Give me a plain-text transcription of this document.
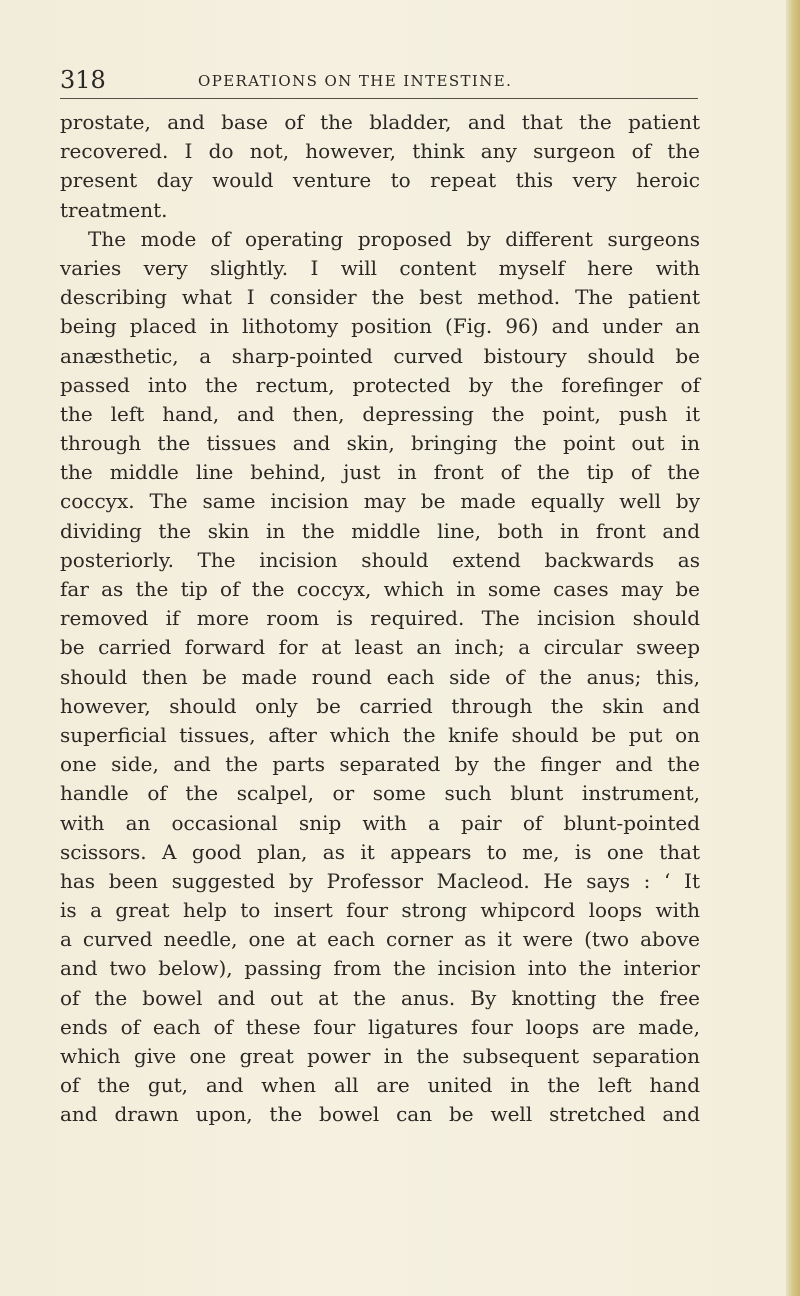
318	OPERATIONS ON THE INTESTINE.
prostate, and base of the bladder, and that the patient
recovered. I do not, however, think any surgeon of the
present day would venture to repeat this very heroic
treatment.
The mode of operating proposed by different surgeons
varies very slightly. I will content myself here with
describing what I consider the best method. The patient
being placed in lithotomy position (Fig. 96) and under an
anæsthetic, a sharp-pointed curved bistoury should be
passed into the rectum, protected by the forefinger of
the left hand, and then, depressing the point, push it
through the tissues and skin, bringing the point out in
the middle line behind, just in front of the tip of the
coccyx. The same incision may be made equally well by
dividing the skin in the middle line, both in front and
posteriorly. The incision should extend backwards as
far as the tip of the coccyx, which in some cases may be
removed if more room is required. The incision should
be carried forward for at least an inch; a circular sweep
should then be made round each side of the anus; this,
however, should only be carried through the skin and
superficial tissues, after which the knife should be put on
one side, and the parts separated by the finger and the
handle of the scalpel, or some such blunt instrument,
with an occasional snip with a pair of blunt-pointed
scissors. A good plan, as it appears to me, is one that
has been suggested by Professor Macleod. He says : ‘ It
is a great help to insert four strong whipcord loops with
a curved needle, one at each corner as it were (two above
and two below), passing from the incision into the interior
of the bowel and out at the anus. By knotting the free
ends of each of these four ligatures four loops are made,
which give one great power in the subsequent separation
of the gut, and when all are united in the left hand
and drawn upon, the bowel can be well stretched and
